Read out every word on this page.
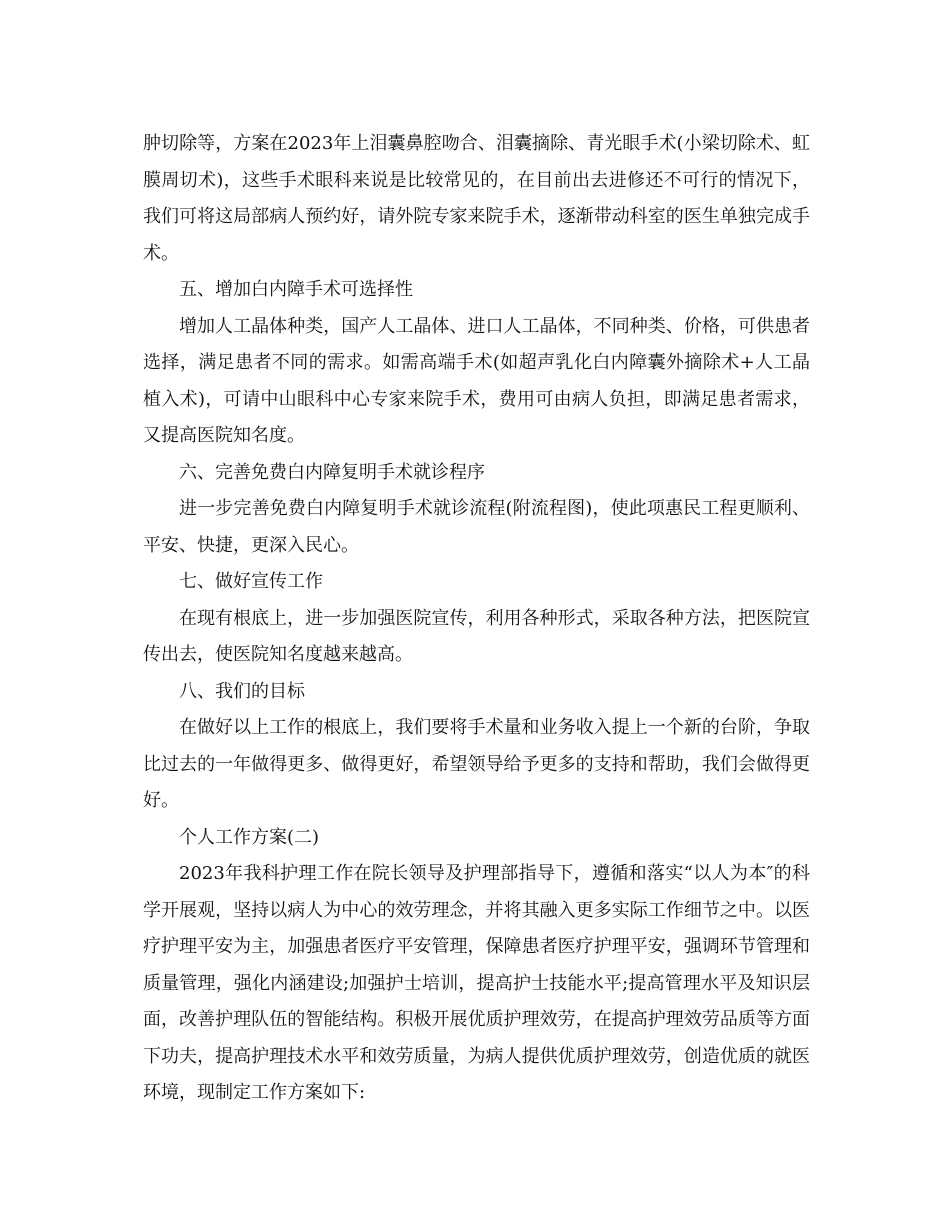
肿切除等，方案在2023年上泪囊鼻腔吻合、泪囊摘除、青光眼手术(小梁切除术、虹膜周切术)，这些手术眼科来说是比较常见的，在目前出去进修还不可行的情况下，我们可将这局部病人预约好，请外院专家来院手术，逐渐带动科室的医生单独完成手术。

五、增加白内障手术可选择性

增加人工晶体种类，国产人工晶体、进口人工晶体，不同种类、价格，可供患者选择，满足患者不同的需求。如需高端手术(如超声乳化白内障囊外摘除术+人工晶植入术)，可请中山眼科中心专家来院手术，费用可由病人负担，即满足患者需求，又提高医院知名度。

六、完善免费白内障复明手术就诊程序

进一步完善免费白内障复明手术就诊流程(附流程图)，使此项惠民工程更顺利、平安、快捷，更深入民心。

七、做好宣传工作

在现有根底上，进一步加强医院宣传，利用各种形式，采取各种方法，把医院宣传出去，使医院知名度越来越高。

八、我们的目标

在做好以上工作的根底上，我们要将手术量和业务收入提上一个新的台阶，争取比过去的一年做得更多、做得更好，希望领导给予更多的支持和帮助，我们会做得更好。

个人工作方案(二)

2023年我科护理工作在院长领导及护理部指导下，遵循和落实“以人为本″的科学开展观，坚持以病人为中心的效劳理念，并将其融入更多实际工作细节之中。以医疗护理平安为主，加强患者医疗平安管理，保障患者医疗护理平安，强调环节管理和质量管理，强化内涵建设;加强护士培训，提高护士技能水平;提高管理水平及知识层面，改善护理队伍的智能结构。积极开展优质护理效劳，在提高护理效劳品质等方面下功夫，提高护理技术水平和效劳质量，为病人提供优质护理效劳，创造优质的就医环境，现制定工作方案如下:
